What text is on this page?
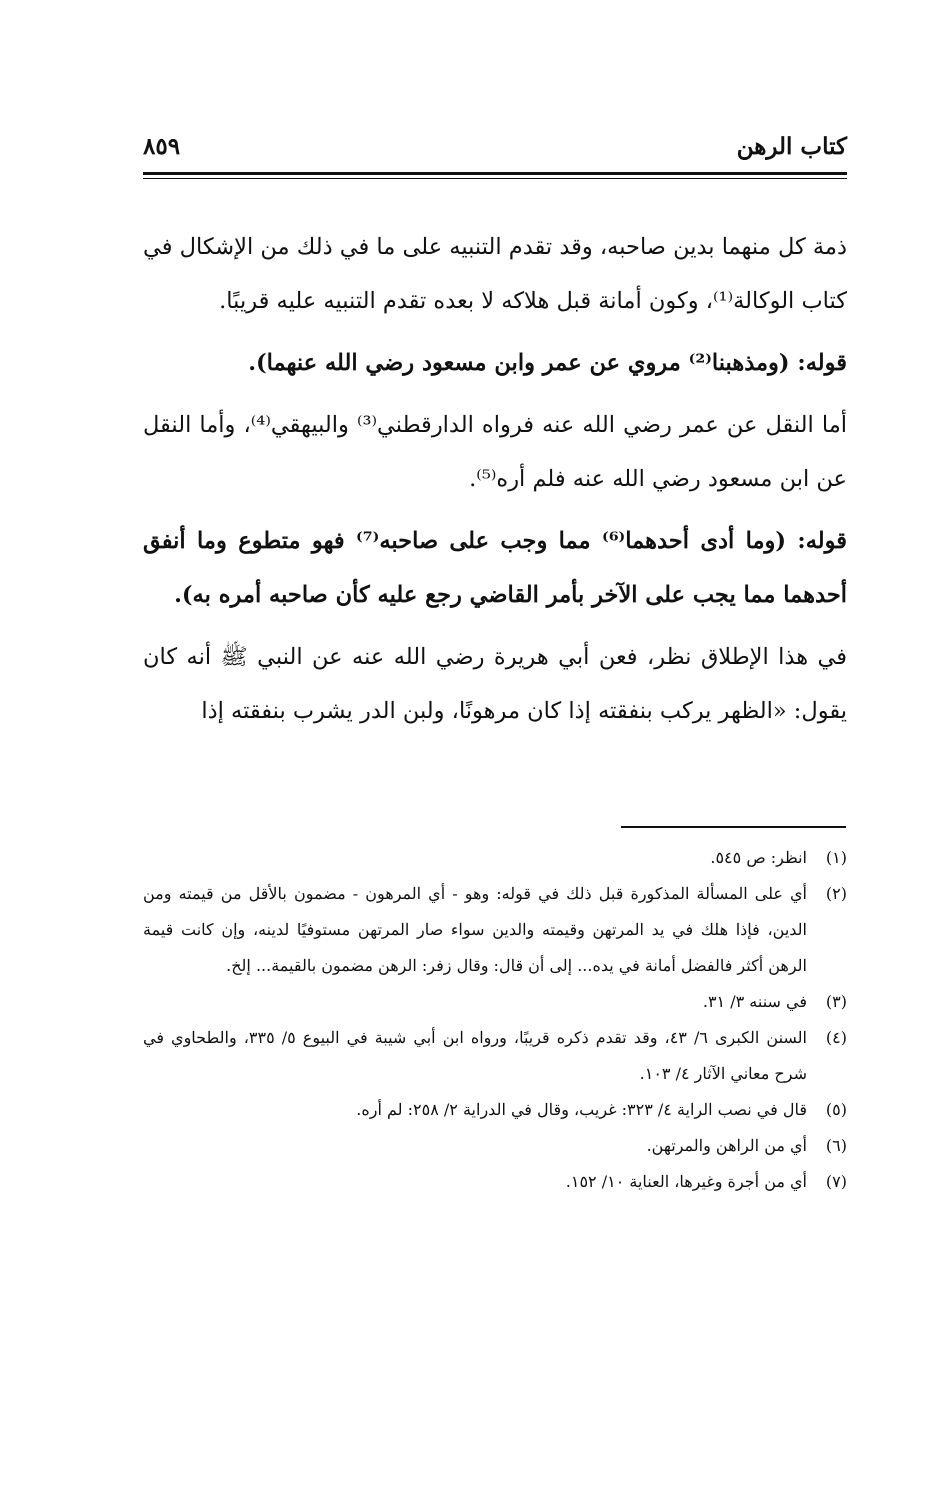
كتاب الرهن
٨٥٩

ذمة كل منهما بدين صاحبه، وقد تقدم التنبيه على ما في ذلك من الإشكال في كتاب الوكالة⁽¹⁾، وكون أمانة قبل هلاكه لا بعده تقدم التنبيه عليه قريبًا.

قوله: (ومذهبنا⁽²⁾ مروي عن عمر وابن مسعود رضي الله عنهما).

أما النقل عن عمر رضي الله عنه فرواه الدارقطني⁽³⁾ والبيهقي⁽⁴⁾، وأما النقل عن ابن مسعود رضي الله عنه فلم أره⁽⁵⁾.

قوله: (وما أدى أحدهما⁽⁶⁾ مما وجب على صاحبه⁽⁷⁾ فهو متطوع وما أنفق أحدهما مما يجب على الآخر بأمر القاضي رجع عليه كأن صاحبه أمره به).

في هذا الإطلاق نظر، فعن أبي هريرة رضي الله عنه عن النبي ﷺ أنه كان يقول: «الظهر يركب بنفقته إذا كان مرهونًا، ولبن الدر يشرب بنفقته إذا

(١)
انظر: ص ٥٤٥.
(٢)
أي على المسألة المذكورة قبل ذلك في قوله: وهو - أي المرهون - مضمون بالأقل من قيمته ومن الدين، فإذا هلك في يد المرتهن وقيمته والدين سواء صار المرتهن مستوفيًا لدينه، وإن كانت قيمة الرهن أكثر فالفضل أمانة في يده... إلى أن قال: وقال زفر: الرهن مضمون بالقيمة... إلخ.
(٣)
في سننه ٣/ ٣١.
(٤)
السنن الكبرى ٦/ ٤٣، وقد تقدم ذكره قريبًا، ورواه ابن أبي شيبة في البيوع ٥/ ٣٣٥، والطحاوي في شرح معاني الآثار ٤/ ١٠٣.
(٥)
قال في نصب الراية ٤/ ٣٢٣: غريب، وقال في الدراية ٢/ ٢٥٨: لم أره.
(٦)
أي من الراهن والمرتهن.
(٧)
أي من أجرة وغيرها، العناية ١٠/ ١٥٢.
